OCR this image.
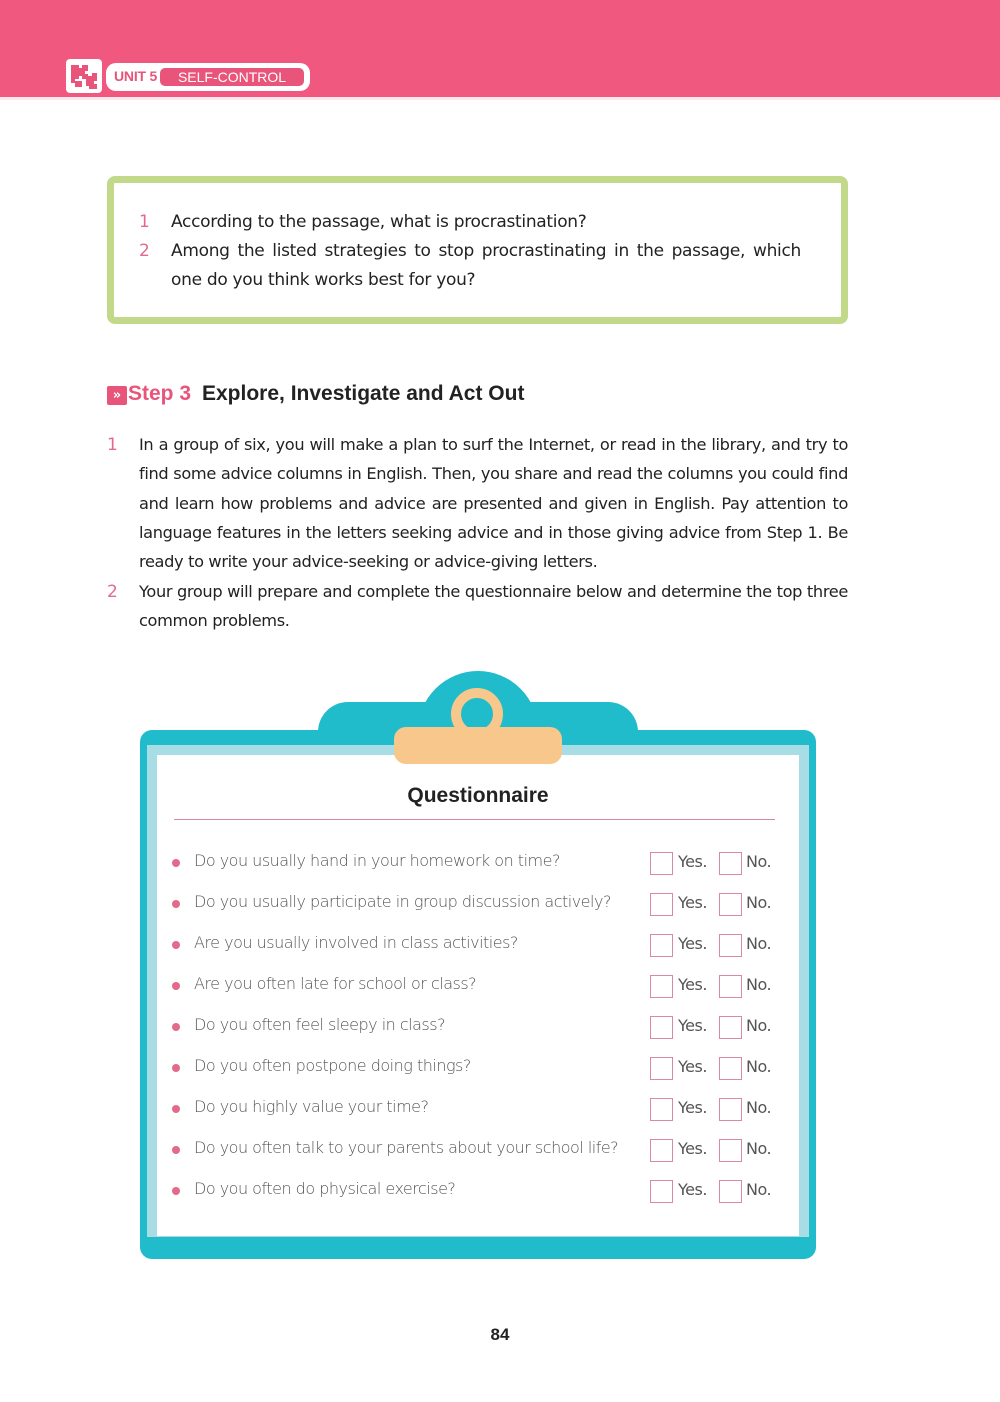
UNIT 5	SELF-CONTROL
1 According to the passage, what is procrastination?
2 Among the listed strategies to stop procrastinating in the passage, which
one do you think works best for you?
» Step 3 Explore, Investigate and Act Out
1 In a group of six, you will make a plan to surf the Internet, or read in the library, and try to
find some advice columns in English. Then, you share and read the columns you could find
and learn how problems and advice are presented and given in English. Pay attention to
language features in the letters seeking advice and in those giving advice from Step 1. Be
ready to write your advice-seeking or advice-giving letters.
2 Your group will prepare and complete the questionnaire below and determine the top three
common problems.
Questionnaire
Do you usually hand in your homework on time?	Yes. No.
Do you usually participate in group discussion actively?	Yes. No.
Are you usually involved in class activities?	Yes. No.
Are you often late for school or class?	Yes. No.
Do you often feel sleepy in class?	Yes. No.
Do you often postpone doing things?	Yes. No.
Do you highly value your time?	Yes. No.
Do you often talk to your parents about your school life?	Yes. No.
Do you often do physical exercise?	Yes. No.
84
